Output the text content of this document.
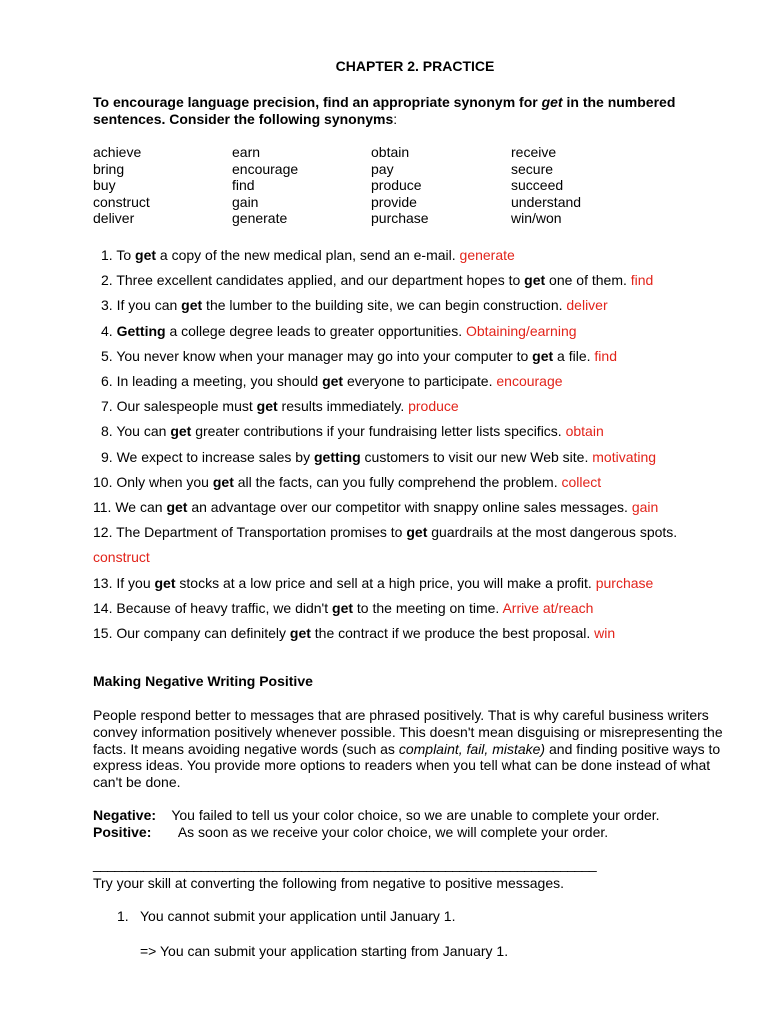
CHAPTER 2. PRACTICE
To encourage language precision, find an appropriate synonym for get in the numbered sentences. Consider the following synonyms:
achieve	earn	obtain	receive
bring	encourage	pay	secure
buy	find	produce	succeed
construct	gain	provide	understand
deliver	generate	purchase	win/won
1. To get a copy of the new medical plan, send an e-mail. generate
2. Three excellent candidates applied, and our department hopes to get one of them. find
3. If you can get the lumber to the building site, we can begin construction. deliver
4. Getting a college degree leads to greater opportunities. Obtaining/earning
5. You never know when your manager may go into your computer to get a file. find
6. In leading a meeting, you should get everyone to participate. encourage
7. Our salespeople must get results immediately. produce
8. You can get greater contributions if your fundraising letter lists specifics. obtain
9. We expect to increase sales by getting customers to visit our new Web site. motivating
10. Only when you get all the facts, can you fully comprehend the problem. collect
11. We can get an advantage over our competitor with snappy online sales messages. gain
12. The Department of Transportation promises to get guardrails at the most dangerous spots. construct
13. If you get stocks at a low price and sell at a high price, you will make a profit. purchase
14. Because of heavy traffic, we didn't get to the meeting on time. Arrive at/reach
15. Our company can definitely get the contract if we produce the best proposal. win
Making Negative Writing Positive
People respond better to messages that are phrased positively. That is why careful business writers convey information positively whenever possible. This doesn't mean disguising or misrepresenting the facts. It means avoiding negative words (such as complaint, fail, mistake) and finding positive ways to express ideas. You provide more options to readers when you tell what can be done instead of what can't be done.
Negative: You failed to tell us your color choice, so we are unable to complete your order.
Positive: As soon as we receive your color choice, we will complete your order.
______________________________________________________________________
Try your skill at converting the following from negative to positive messages.
1. You cannot submit your application until January 1.
=> You can submit your application starting from January 1.
